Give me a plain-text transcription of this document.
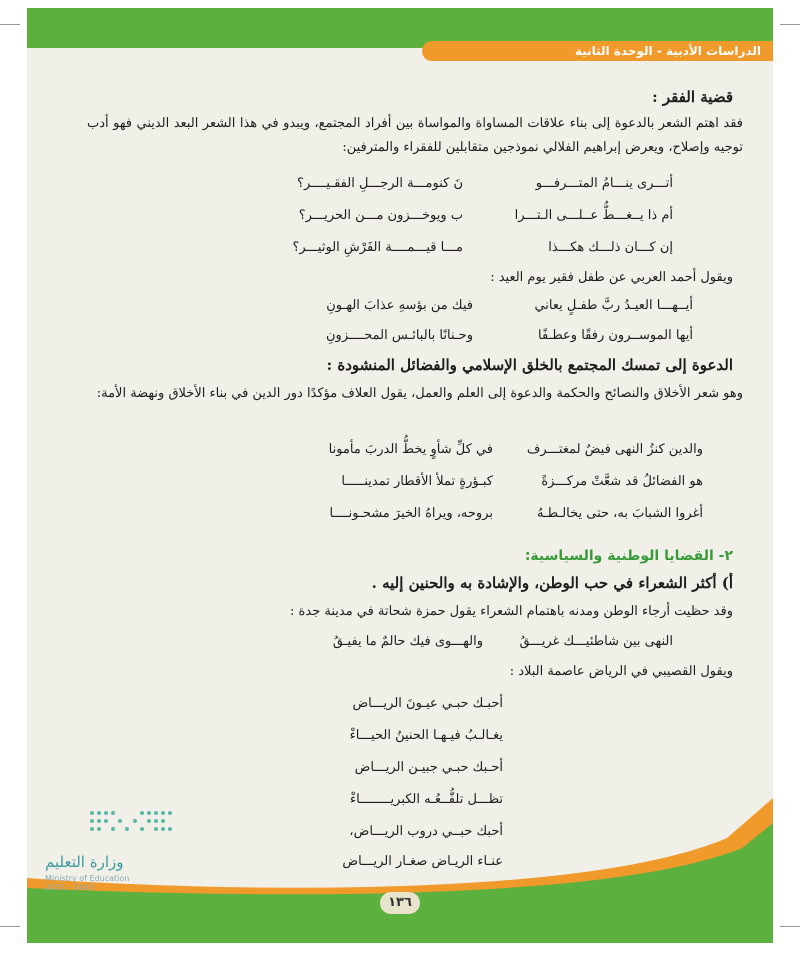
الدراسات الأدبية - الوحدة الثانية
قضية الفقر :
فقد اهتم الشعر بالدعوة إلى بناء علاقات المساواة والمواساة بين أفراد المجتمع، ويبدو في هذا الشعر البعد الديني فهو أدب توجيه وإصلاح، ويعرض إبراهيم الفلالي نموذجين متقابلين للفقراء والمترفين:
أتـــرى ينـــامُ المتـــرفـــو
نَ كنومـــة الرجـــلِ الفقـيــــر؟
أم ذا يــغـــطُّ عــلـــى الـتـــرا
ب ويوخـــزون مـــن الحريـــر؟
إن كـــان ذلـــك هكـــذا
مـــا قيـــمــــة الفَرْشِ الوثيـــر؟
ويقول أحمد العربي عن طفل فقير يوم العيد :
أيــهـــا العيـدُ ربَّ طفـلٍ يعاني
فيك من بؤسهِ عذابَ الهـونِ
أيها الموســرون رفقًا وعطـفًا
وحـنانًا بالبائـس المحــــزونِ
الدعوة إلى تمسك المجتمع بالخلق الإسلامي والفضائل المنشودة :
وهو شعر الأخلاق والنصائح والحكمة والدعوة إلى العلم والعمل، يقول العلاف مؤكدًا دور الدين في بناء الأخلاق ونهضة الأمة:
والدين كنزُ النهى فيضٌ لمغتـــرف
في كلِّ شأوٍ يخطُّ الدربَ مأمونا
هو الفضائلُ قد شعَّتْ مركـــزةً
كبـؤرةٍ تملأ الأقطار تمدينـــــا
أغروا الشبابَ به، حتى يخالـطـهُ
بروحه، ويراهُ الخيرَ مشحـونــــا
٢- القضايا الوطنية والسياسية:
أ) أكثر الشعراء في حب الوطن، والإشادة به والحنين إليه .
وقد حظيت أرجاء الوطن ومدنه باهتمام الشعراء يقول حمزة شحاتة في مدينة جدة :
النهى بين شاطئيـــك غريـــقُ
والهـــوى فيك حالمٌ ما يفيـقُ
ويقول القصيبي في الرياض عاصمة البلاد :
أحبـك حبـي عيـونَ الريـــاض
يغـالـبُ فيـهـا الحنينُ الحيـــاءْ
أحـبك حبـي جبيـن الريـــاض
تظـــل تلفُّــعُـه الكبريــــــــاءْ
أحبك حبــي دروب الريـــاض،
عنـاء الريـاض صغـار الريـــاض
١٣٦
وزارة التعليم
Ministry of Education
2021 - 1443
